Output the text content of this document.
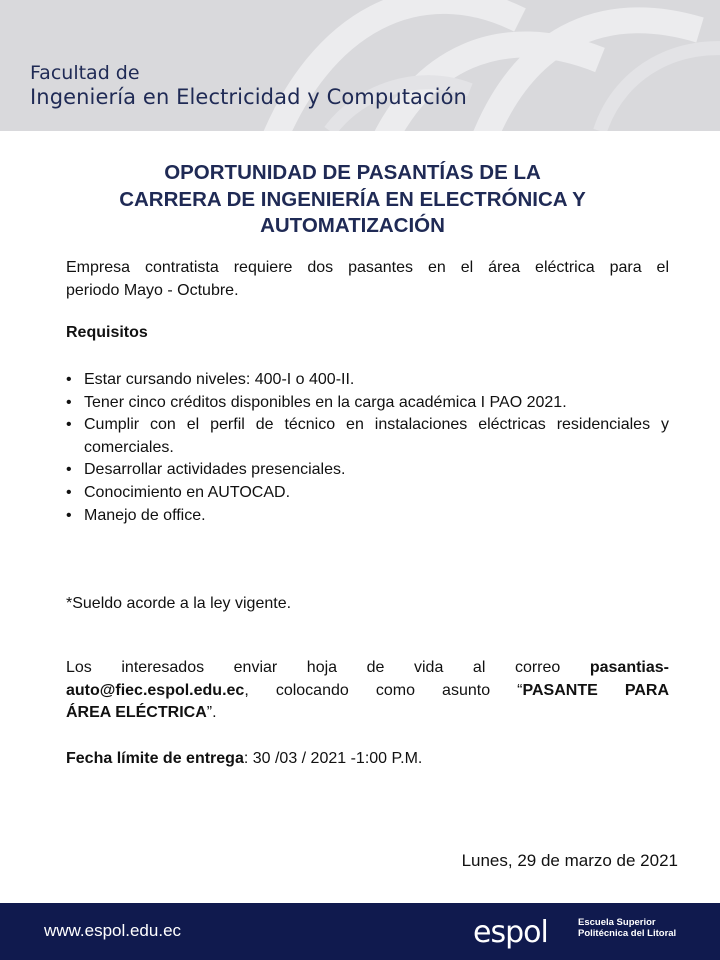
Facultad de
Ingeniería en Electricidad y Computación
OPORTUNIDAD DE PASANTÍAS DE LA
CARRERA DE INGENIERÍA EN ELECTRÓNICA Y
AUTOMATIZACIÓN
Empresa contratista requiere dos pasantes en el área eléctrica para el
periodo Mayo - Octubre.
Requisitos
• Estar cursando niveles: 400-I o 400-II.
• Tener cinco créditos disponibles en la carga académica I PAO 2021.
• Cumplir con el perfil de técnico en instalaciones eléctricas residenciales y comerciales.
• Desarrollar actividades presenciales.
• Conocimiento en AUTOCAD.
• Manejo de office.
*Sueldo acorde a la ley vigente.
Los interesados enviar hoja de vida al correo pasantias-
auto@fiec.espol.edu.ec, colocando como asunto “PASANTE PARA
ÁREA ELÉCTRICA”.
Fecha límite de entrega: 30 /03 / 2021 -1:00 P.M.
Lunes, 29 de marzo de 2021
www.espol.edu.ec	espol	Escuela Superior
Politécnica del Litoral
